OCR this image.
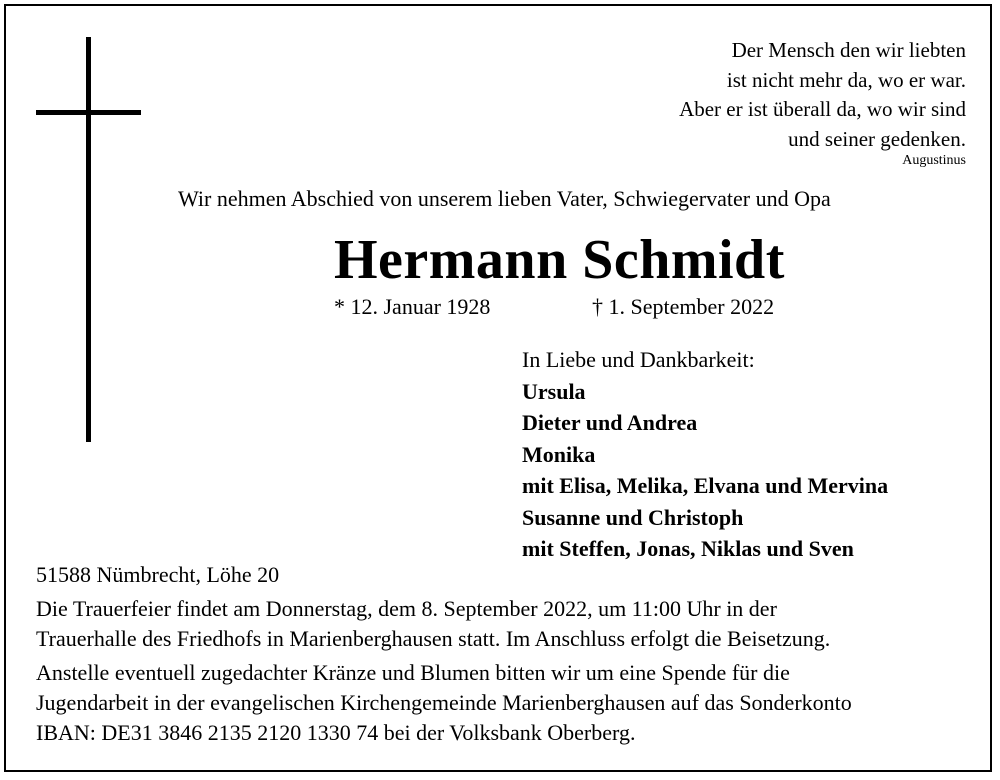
Der Mensch den wir liebten
ist nicht mehr da, wo er war.
Aber er ist überall da, wo wir sind
und seiner gedenken.
Augustinus
Wir nehmen Abschied von unserem lieben Vater, Schwiegervater und Opa
Hermann Schmidt
* 12. Januar 1928	† 1. September 2022
In Liebe und Dankbarkeit:
Ursula
Dieter und Andrea
Monika
mit Elisa, Melika, Elvana und Mervina
Susanne und Christoph
mit Steffen, Jonas, Niklas und Sven
51588 Nümbrecht, Löhe 20
Die Trauerfeier findet am Donnerstag, dem 8. September 2022, um 11:00 Uhr in der
Trauerhalle des Friedhofs in Marienberghausen statt. Im Anschluss erfolgt die Beisetzung.
Anstelle eventuell zugedachter Kränze und Blumen bitten wir um eine Spende für die
Jugendarbeit in der evangelischen Kirchengemeinde Marienberghausen auf das Sonderkonto
IBAN: DE31 3846 2135 2120 1330 74 bei der Volksbank Oberberg.
